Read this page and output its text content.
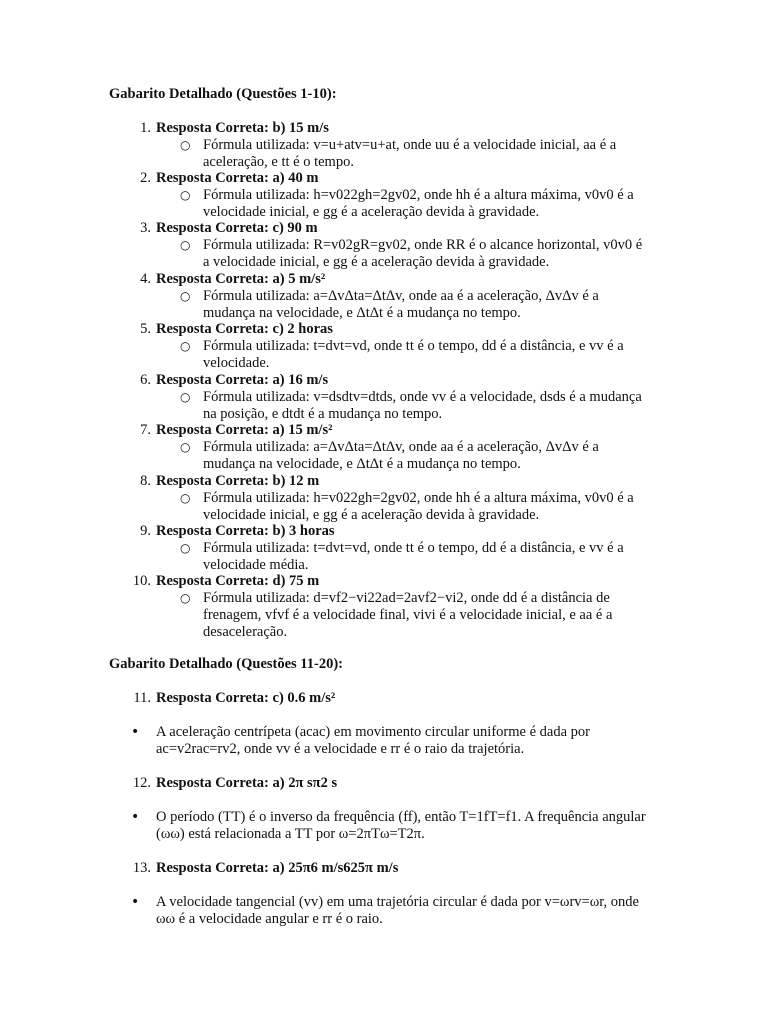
Gabarito Detalhado (Questões 1-10):
1. Resposta Correta: b) 15 m/s
○ Fórmula utilizada: v=u+atv=u+at, onde uu é a velocidade inicial, aa é a aceleração, e tt é o tempo.
2. Resposta Correta: a) 40 m
○ Fórmula utilizada: h=v022gh=2gv02, onde hh é a altura máxima, v0v0 é a velocidade inicial, e gg é a aceleração devida à gravidade.
3. Resposta Correta: c) 90 m
○ Fórmula utilizada: R=v02gR=gv02, onde RR é o alcance horizontal, v0v0 é a velocidade inicial, e gg é a aceleração devida à gravidade.
4. Resposta Correta: a) 5 m/s²
○ Fórmula utilizada: a=ΔvΔta=ΔtΔv, onde aa é a aceleração, ΔvΔv é a mudança na velocidade, e ΔtΔt é a mudança no tempo.
5. Resposta Correta: c) 2 horas
○ Fórmula utilizada: t=dvt=vd, onde tt é o tempo, dd é a distância, e vv é a velocidade.
6. Resposta Correta: a) 16 m/s
○ Fórmula utilizada: v=dsdtv=dtds, onde vv é a velocidade, dsds é a mudança na posição, e dtdt é a mudança no tempo.
7. Resposta Correta: a) 15 m/s²
○ Fórmula utilizada: a=ΔvΔta=ΔtΔv, onde aa é a aceleração, ΔvΔv é a mudança na velocidade, e ΔtΔt é a mudança no tempo.
8. Resposta Correta: b) 12 m
○ Fórmula utilizada: h=v022gh=2gv02, onde hh é a altura máxima, v0v0 é a velocidade inicial, e gg é a aceleração devida à gravidade.
9. Resposta Correta: b) 3 horas
○ Fórmula utilizada: t=dvt=vd, onde tt é o tempo, dd é a distância, e vv é a velocidade média.
10. Resposta Correta: d) 75 m
○ Fórmula utilizada: d=vf2−vi22ad=2avf2−vi2, onde dd é a distância de frenagem, vfvf é a velocidade final, vivi é a velocidade inicial, e aa é a desaceleração.
Gabarito Detalhado (Questões 11-20):
11. Resposta Correta: c) 0.6 m/s²
• A aceleração centrípeta (acac) em movimento circular uniforme é dada por ac=v2rac=rv2, onde vv é a velocidade e rr é o raio da trajetória.
12. Resposta Correta: a) 2π sπ2 s
• O período (TT) é o inverso da frequência (ff), então T=1fT=f1. A frequência angular (ωω) está relacionada a TT por ω=2πTω=T2π.
13. Resposta Correta: a) 25π6 m/s625π m/s
• A velocidade tangencial (vv) em uma trajetória circular é dada por v=ωrv=ωr, onde ωω é a velocidade angular e rr é o raio.
